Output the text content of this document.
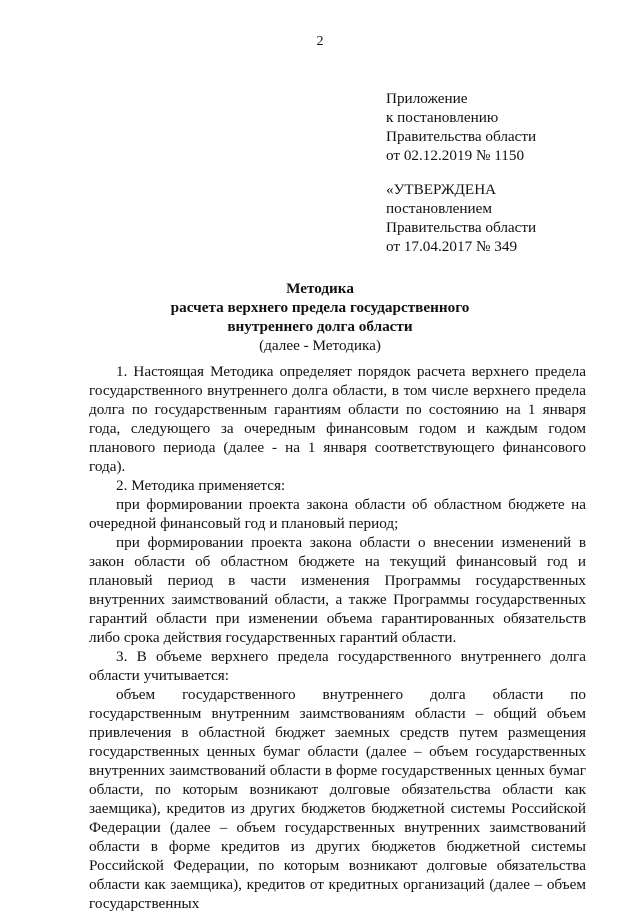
2
Приложение
к постановлению
Правительства области
от 02.12.2019 № 1150
«УТВЕРЖДЕНА
постановлением
Правительства области
от 17.04.2017 № 349
Методика
расчета верхнего предела государственного
внутреннего долга области
(далее - Методика)

1. Настоящая Методика определяет порядок расчета верхнего предела государственного внутреннего долга области, в том числе верхнего предела долга по государственным гарантиям области по состоянию на 1 января года, следующего за очередным финансовым годом и каждым годом планового периода (далее - на 1 января соответствующего финансового года).

2. Методика применяется:

при формировании проекта закона области об областном бюджете на очередной финансовый год и плановый период;

при формировании проекта закона области о внесении изменений в закон области об областном бюджете на текущий финансовый год и плановый период в части изменения Программы государственных внутренних заимствований области, а также Программы государственных гарантий области при изменении объема гарантированных обязательств либо срока действия государственных гарантий области.

3. В объеме верхнего предела государственного внутреннего долга области учитывается:

объем государственного внутреннего долга области по государственным внутренним заимствованиям области – общий объем привлечения в областной бюджет заемных средств путем размещения государственных ценных бумаг области (далее – объем государственных внутренних заимствований области в форме государственных ценных бумаг области, по которым возникают долговые обязательства области как заемщика), кредитов из других бюджетов бюджетной системы Российской Федерации (далее – объем государственных внутренних заимствований области в форме кредитов из других бюджетов бюджетной системы Российской Федерации, по которым возникают долговые обязательства области как заемщика), кредитов от кредитных организаций (далее – объем государственных
